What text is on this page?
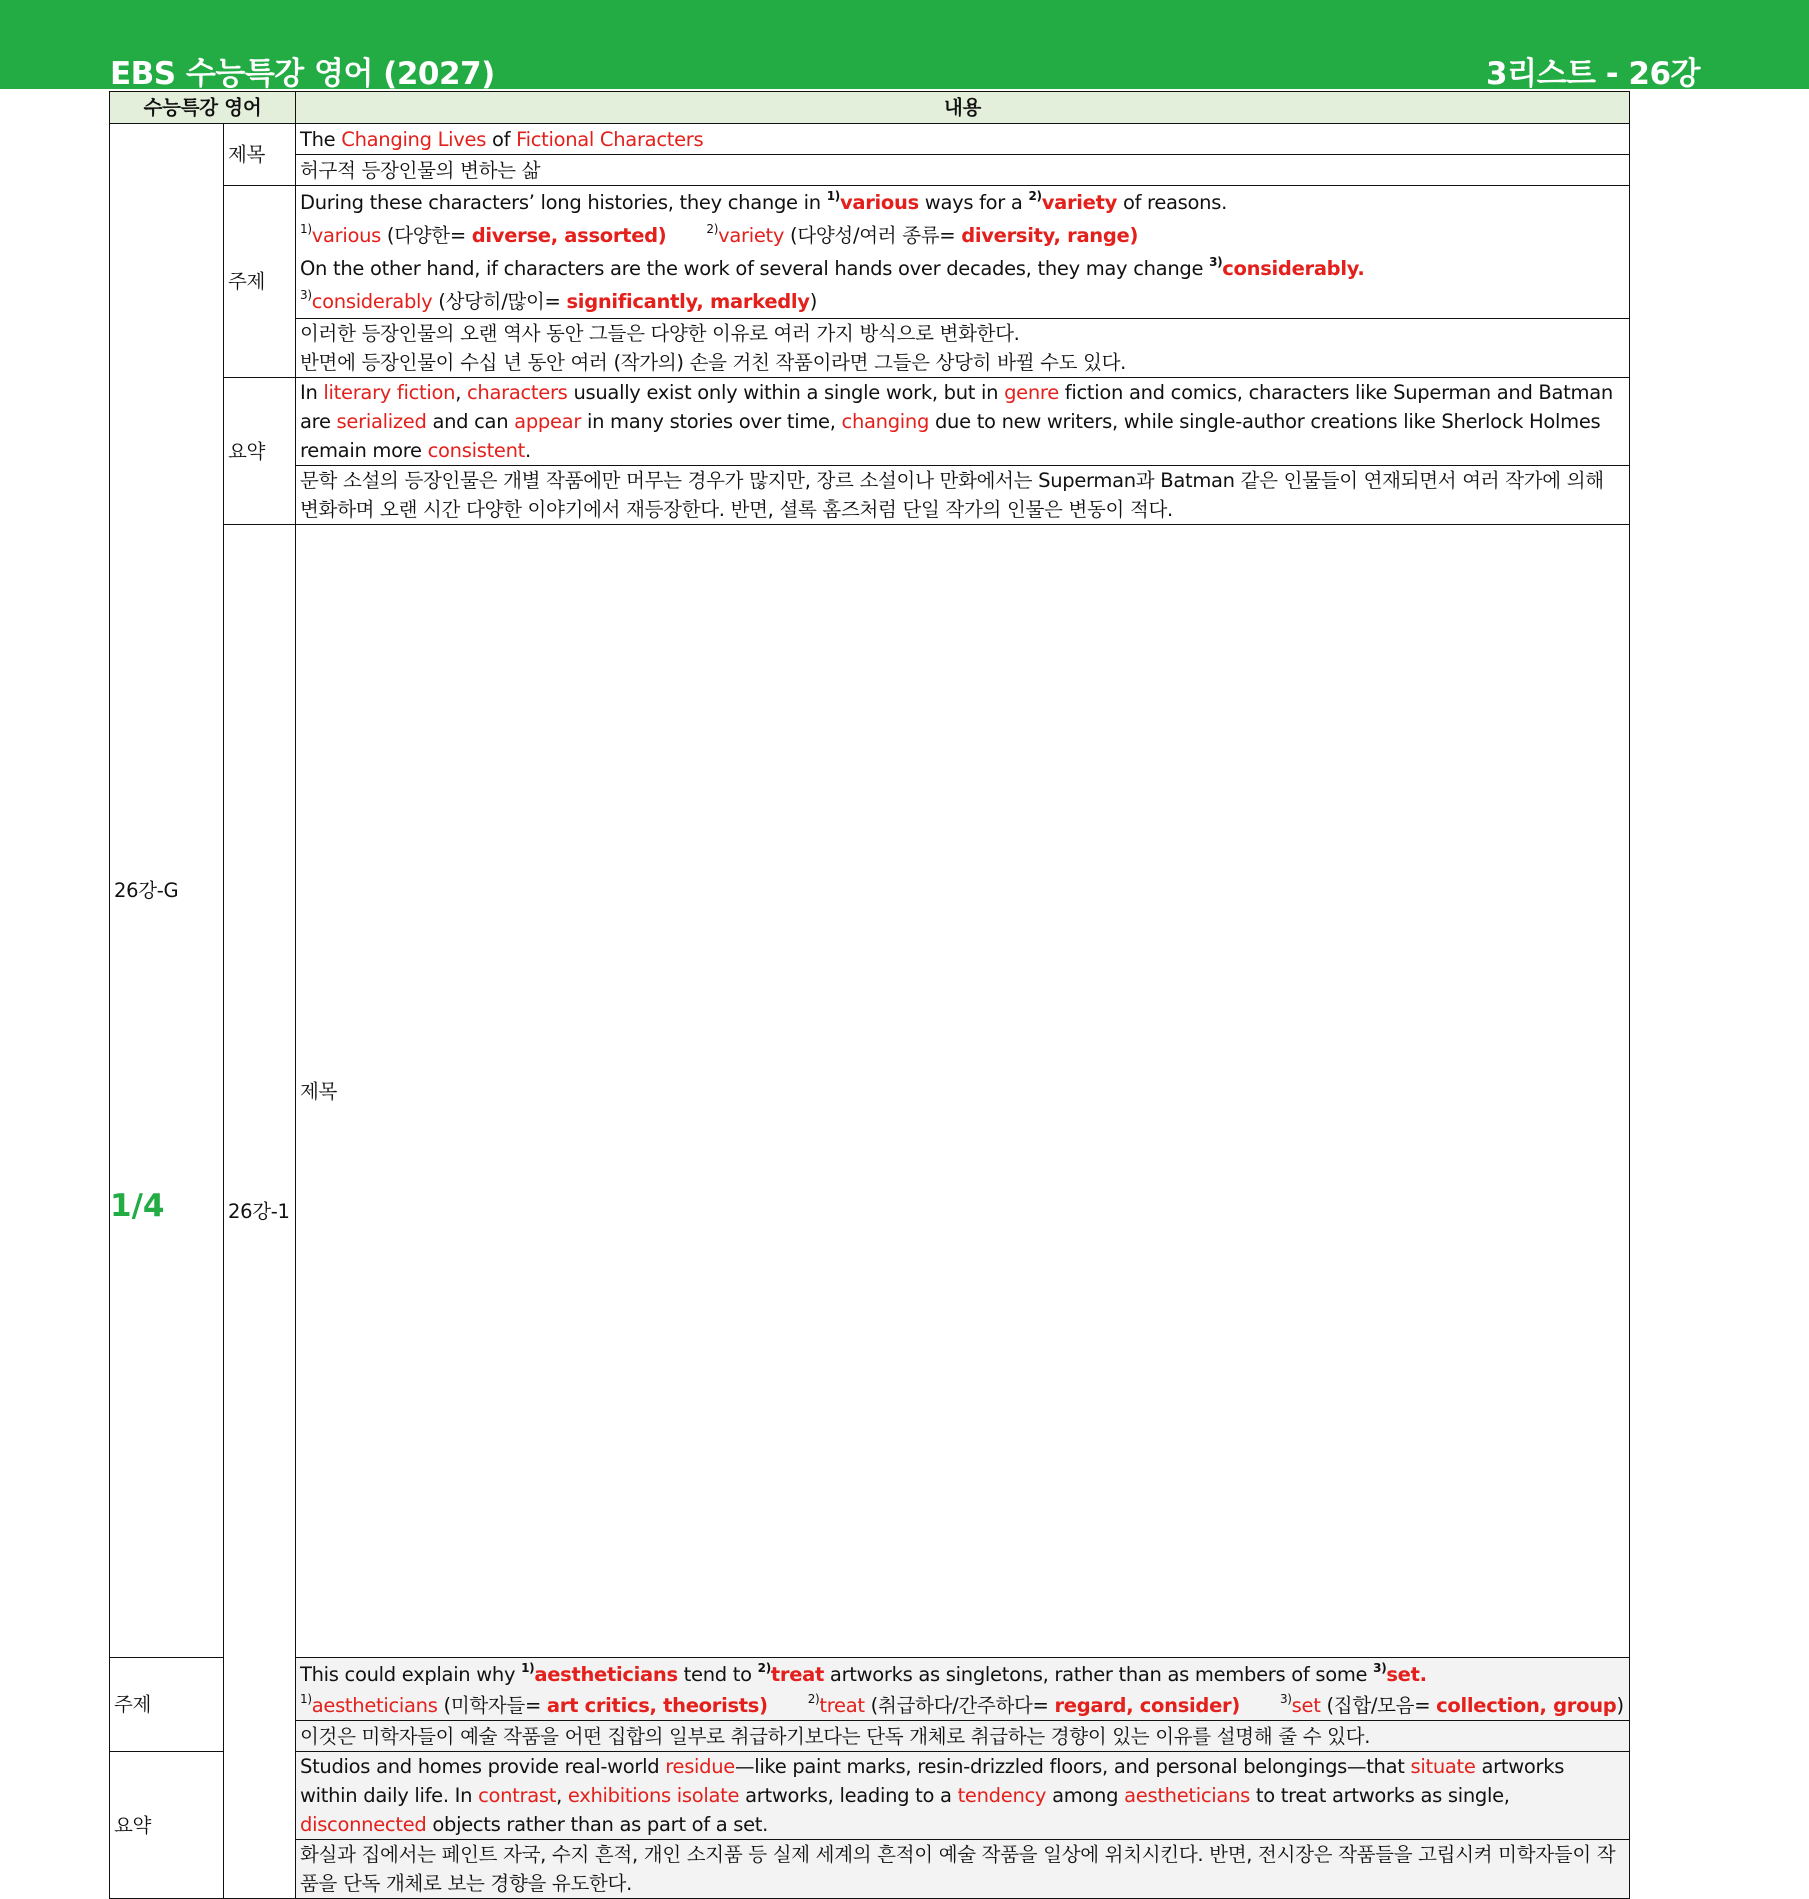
EBS 수능특강 영어 (2027)	3리스트 - 26강
수능특강 영어		내용	
26강-G	제목	The Changing Lives of Fictional Characters	
		허구적 등장인물의 변하는 삶	
	주제	During these characters’ long histories, they change in $^{1)}$various ways for a $^{2)}$variety of reasons.
$^{1)}$various (다양한= diverse, assorted) $^{2)}$variety (다양성/여러 종류= diversity, range)
On the other hand, if characters are the work of several hands over decades, they may change $^{3)}$considerably.
$^{3)}$considerably (상당히/많이= significantly, markedly)	

		이러한 등장인물의 오랜 역사 동안 그들은 다양한 이유로 여러 가지 방식으로 변화한다.
반면에 등장인물이 수십 년 동안 여러 (작가의) 손을 거친 작품이라면 그들은 상당히 바뀔 수도 있다.	

	요약	In literary fiction, characters usually exist only within a single work, but in genre fiction and comics, characters like Superman and Batman are serialized and can appear in many stories over time, changing due to new writers, while single-author creations like Sherlock Holmes remain more consistent.	
		문학 소설의 등장인물은 개별 작품에만 머무는 경우가 많지만, 장르 소설이나 만화에서는 Superman과 Batman 같은 인물들이 연재되면서 여러 작가에 의해 변화하며 오랜 시간 다양한 이야기에서 재등장한다. 반면, 셜록 홈즈처럼 단일 작가의 인물은 변동이 적다.	
	26강-1	제목	

주제		This could explain why $^{1)}$aestheticians tend to $^{2)}$treat artworks as singletons, rather than as members of some $^{3)}$set.
$^{1)}$aestheticians (미학자들= art critics, theorists) $^{2)}$treat (취급하다/간주하다= regard, consider) $^{3)}$set (집합/모음= collection, group)	

		이것은 미학자들이 예술 작품을 어떤 집합의 일부로 취급하기보다는 단독 개체로 취급하는 경향이 있는 이유를 설명해 줄 수 있다.	
요약		Studios and homes provide real-world residue—like paint marks, resin-drizzled floors, and personal belongings—that situate artworks within daily life. In contrast, exhibitions isolate artworks, leading to a tendency among aestheticians to treat artworks as single, disconnected objects rather than as part of a set.	
		화실과 집에서는 페인트 자국, 수지 흔적, 개인 소지품 등 실제 세계의 흔적이 예술 작품을 일상에 위치시킨다. 반면, 전시장은 작품들을 고립시켜 미학자들이 작품을 단독 개체로 보는 경향을 유도한다.	
1/4
